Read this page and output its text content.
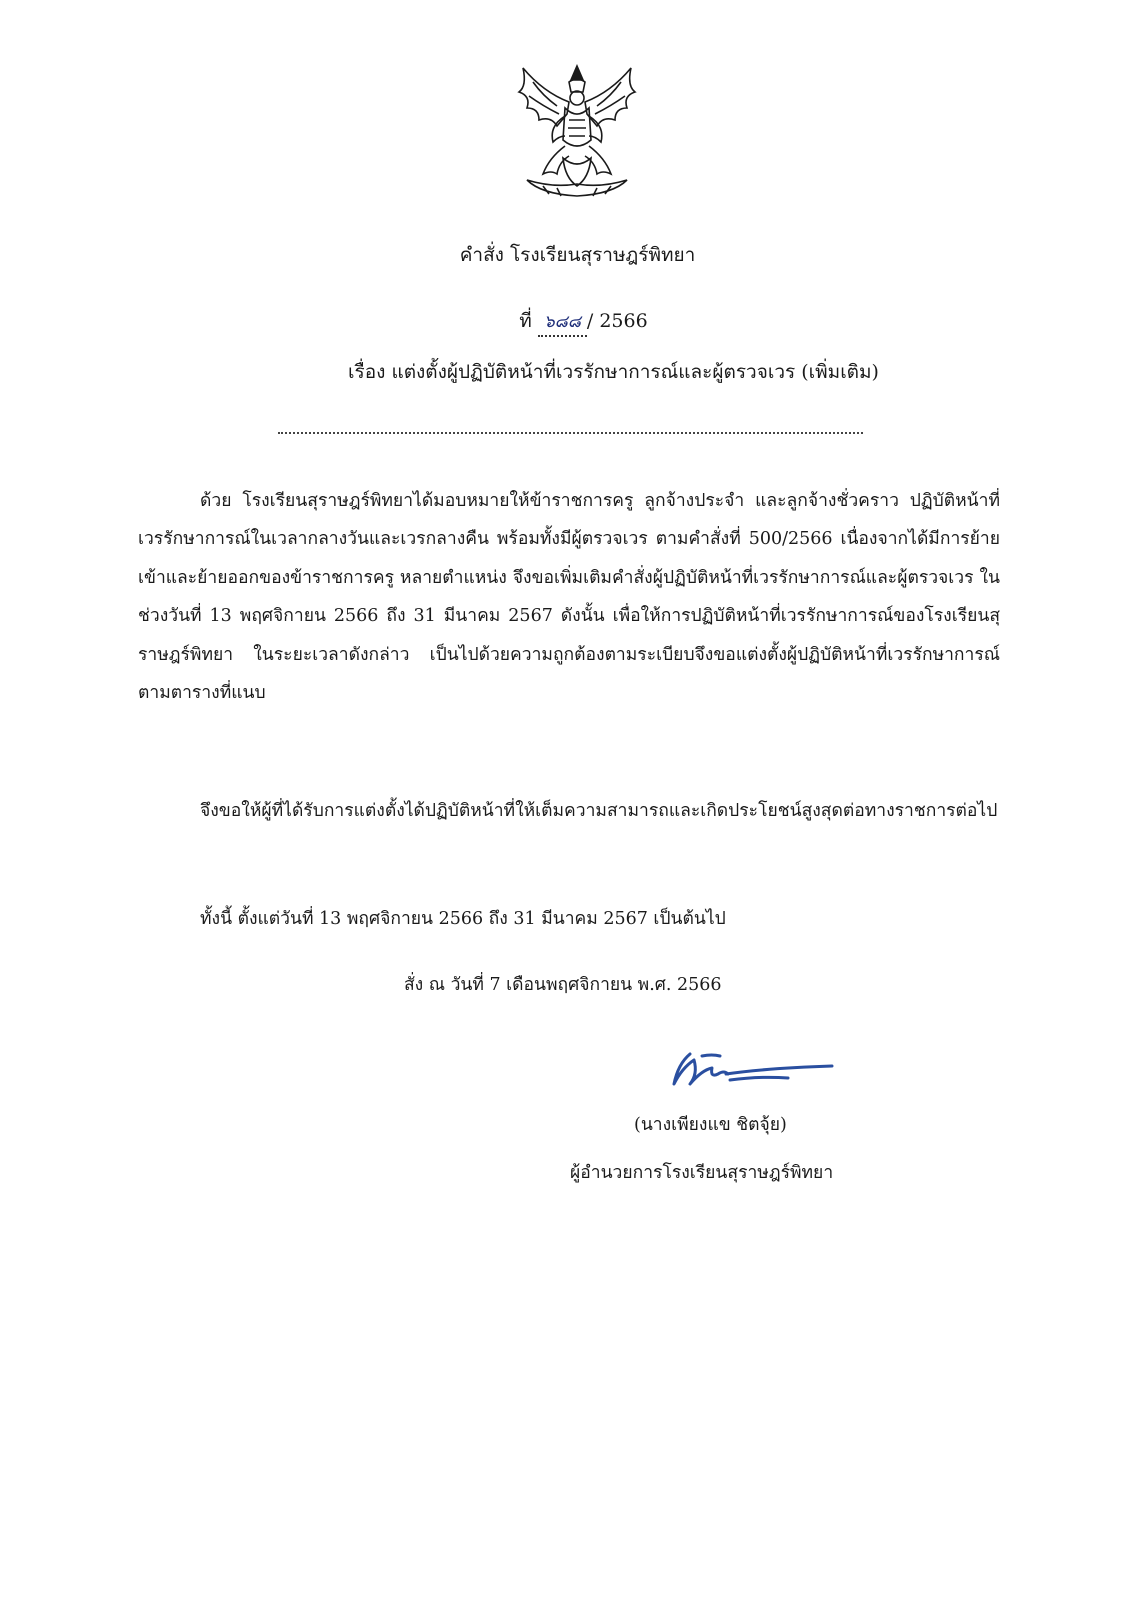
คำสั่ง โรงเรียนสุราษฎร์พิทยา
ที่ ๖๘๘ / 2566
เรื่อง แต่งตั้งผู้ปฏิบัติหน้าที่เวรรักษาการณ์และผู้ตรวจเวร (เพิ่มเติม)
ด้วย โรงเรียนสุราษฎร์พิทยาได้มอบหมายให้ข้าราชการครู ลูกจ้างประจำ และลูกจ้างชั่วคราว ปฏิบัติหน้าที่เวรรักษาการณ์ในเวลากลางวันและเวรกลางคืน พร้อมทั้งมีผู้ตรวจเวร ตามคำสั่งที่ 500/2566 เนื่องจากได้มีการย้ายเข้าและย้ายออกของข้าราชการครู หลายตำแหน่ง จึงขอเพิ่มเติมคำสั่งผู้ปฏิบัติหน้าที่เวรรักษาการณ์และผู้ตรวจเวร ในช่วงวันที่ 13 พฤศจิกายน 2566 ถึง 31 มีนาคม 2567 ดังนั้น เพื่อให้การปฏิบัติหน้าที่เวรรักษาการณ์ของโรงเรียนสุราษฎร์พิทยา ในระยะเวลาดังกล่าว เป็นไปด้วยความถูกต้องตามระเบียบจึงขอแต่งตั้งผู้ปฏิบัติหน้าที่เวรรักษาการณ์ ตามตารางที่แนบ
จึงขอให้ผู้ที่ได้รับการแต่งตั้งได้ปฏิบัติหน้าที่ให้เต็มความสามารถและเกิดประโยชน์สูงสุดต่อทางราชการต่อไป
ทั้งนี้ ตั้งแต่วันที่ 13 พฤศจิกายน 2566 ถึง 31 มีนาคม 2567 เป็นต้นไป
สั่ง ณ วันที่ 7 เดือนพฤศจิกายน พ.ศ. 2566
(นางเพียงแข ชิตจุ้ย)
ผู้อำนวยการโรงเรียนสุราษฎร์พิทยา
